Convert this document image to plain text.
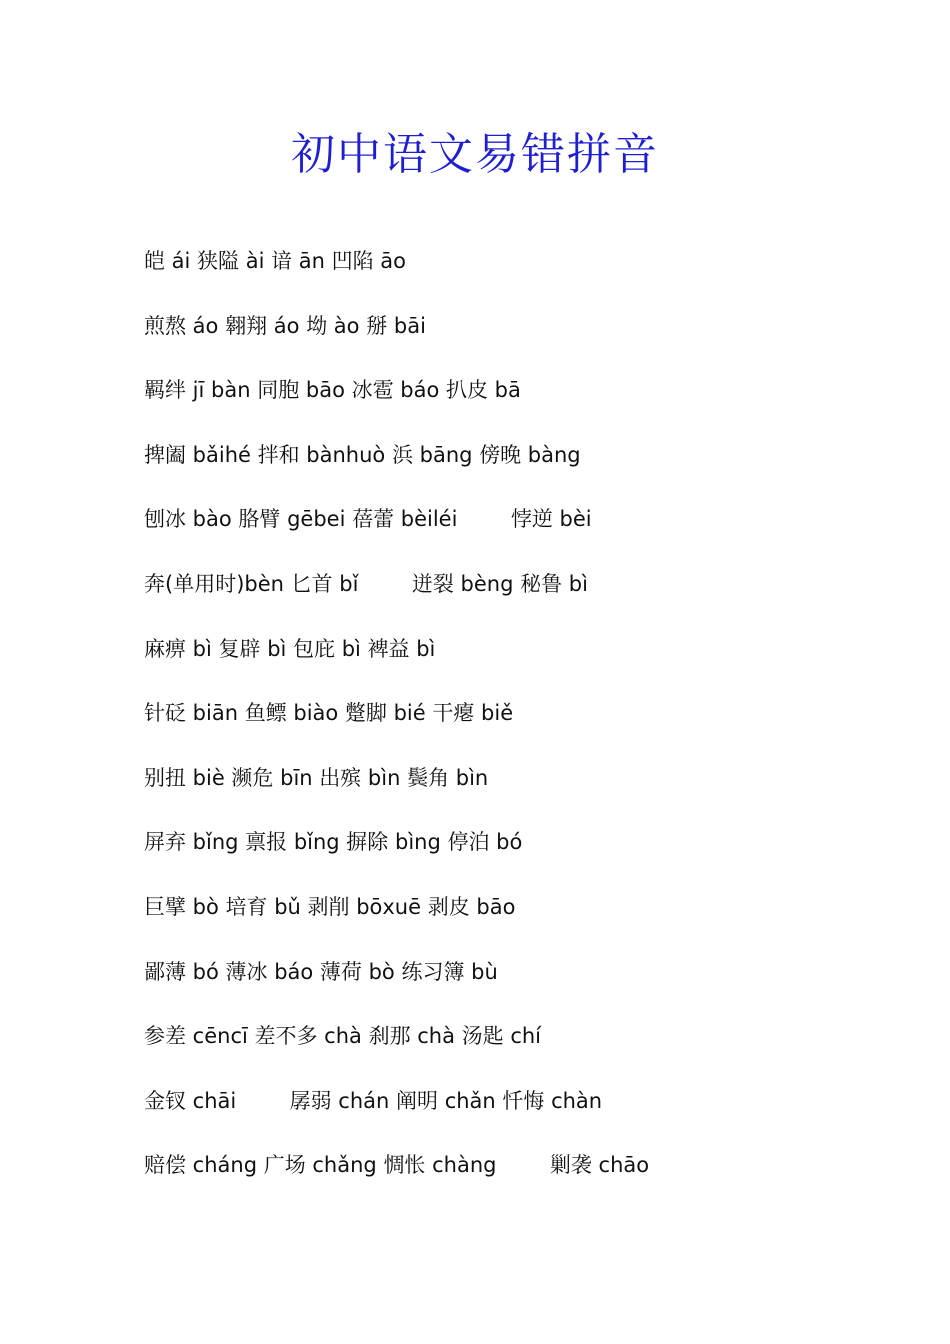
初中语文易错拼音
皑 ái 狭隘 ài 谙 ān 凹陷 āo
煎熬 áo 翱翔 áo 坳 ào 掰 bāi
羁绊 jī bàn 同胞 bāo 冰雹 báo 扒皮 bā
捭阖 bǎihé 拌和 bànhuò 浜 bāng 傍晚 bàng
刨冰 bào 胳臂 gēbei 蓓蕾 bèiléi        悖逆 bèi
奔(单用时)bèn 匕首 bǐ        迸裂 bèng 秘鲁 bì
麻痹 bì 复辟 bì 包庇 bì 裨益 bì
针砭 biān 鱼鳔 biào 蹩脚 bié 干瘪 biě
别扭 biè 濒危 bīn 出殡 bìn 鬓角 bìn
屏弃 bǐng 禀报 bǐng 摒除 bìng 停泊 bó
巨擘 bò 培育 bǔ 剥削 bōxuē 剥皮 bāo
鄙薄 bó 薄冰 báo 薄荷 bò 练习簿 bù
参差 cēncī 差不多 chà 刹那 chà 汤匙 chí
金钗 chāi        孱弱 chán 阐明 chǎn 忏悔 chàn
赔偿 cháng 广场 chǎng 惆怅 chàng        剿袭 chāo
